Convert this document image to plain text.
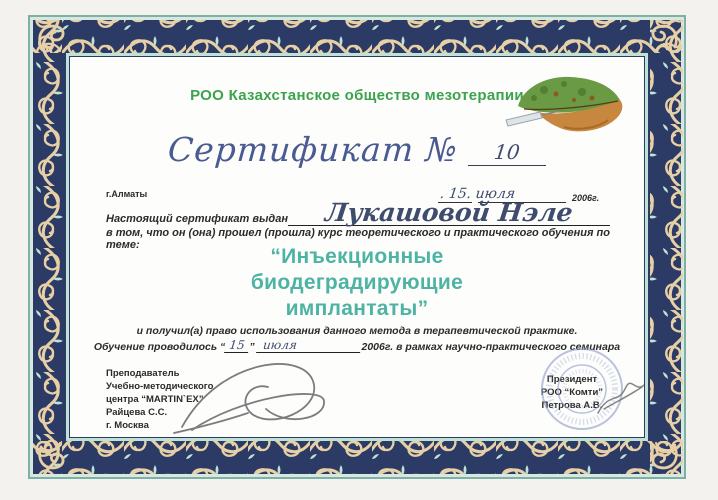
РОО Казахстанское общество мезотерапии
Сертификат №	10
г.Алматы	. 15. июля	2006г.
Настоящий сертификат выдан	Лукашовой Нэле
в том, что он (она) прошел (прошла) курс теоретического и практического обучения по теме:	“Инъекционные
биодеградирующие
имплантаты”
и получил(а) право использования данного метода в терапевтической практике.
Обучение проводилось “ 15 ” июля	2006г. в рамках научно-практического семинара
Преподаватель
Учебно-методического
центра “MARTIN`EX”
Райцева С.С.
г. Москва
Президент
РОО “Комти”
Петрова А.В.
